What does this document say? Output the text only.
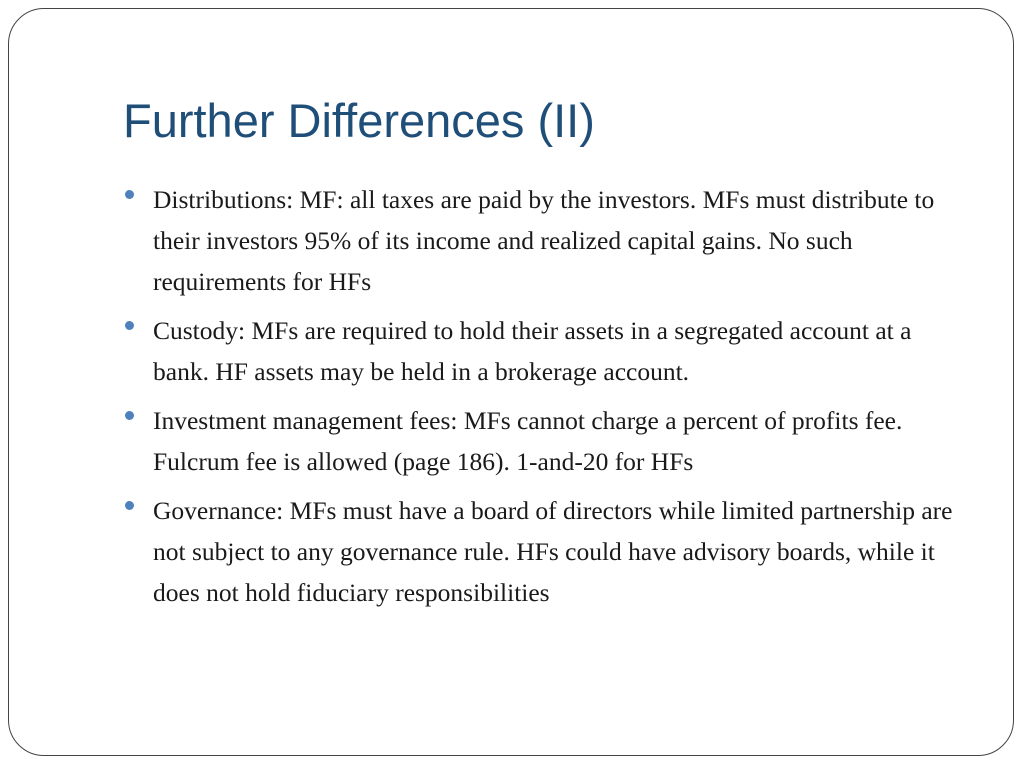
Further Differences (II)
Distributions: MF: all taxes are paid by the investors. MFs must distribute to their investors 95% of its income and realized capital gains. No such requirements for HFs
Custody: MFs are required to hold their assets in a segregated account at a bank. HF assets may be held in a brokerage account.
Investment management fees: MFs cannot charge a percent of profits fee. Fulcrum fee is allowed (page 186). 1-and-20 for HFs
Governance: MFs must have a board of directors while limited partnership are not subject to any governance rule. HFs could have advisory boards, while it does not hold fiduciary responsibilities
